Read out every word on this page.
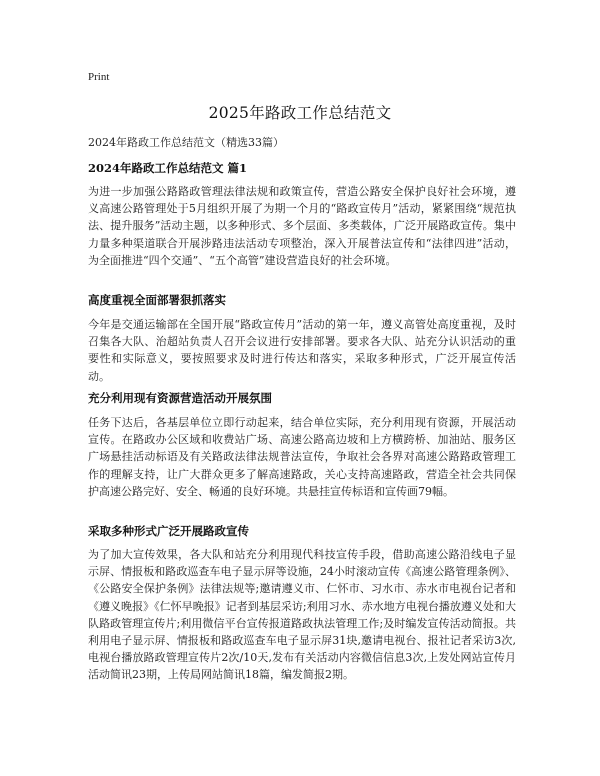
Print
2025年路政工作总结范文
2024年路政工作总结范文（精选33篇）
2024年路政工作总结范文 篇1
为进一步加强公路路政管理法律法规和政策宣传，营造公路安全保护良好社会环境，遵义高速公路管理处于5月组织开展了为期一个月的“路政宣传月”活动，紧紧围绕“规范执法、提升服务”活动主题，以多种形式、多个层面、多类载体，广泛开展路政宣传。集中力量多种渠道联合开展涉路违法活动专项整治，深入开展普法宣传和“法律四进”活动，为全面推进“四个交通”、“五个高管”建设营造良好的社会环境。
高度重视全面部署狠抓落实
今年是交通运输部在全国开展“路政宣传月”活动的第一年，遵义高管处高度重视，及时召集各大队、治超站负责人召开会议进行安排部署。要求各大队、站充分认识活动的重要性和实际意义，要按照要求及时进行传达和落实，采取多种形式，广泛开展宣传活动。
充分利用现有资源营造活动开展氛围
任务下达后，各基层单位立即行动起来，结合单位实际，充分利用现有资源，开展活动宣传。在路政办公区域和收费站广场、高速公路高边坡和上方横跨桥、加油站、服务区广场悬挂活动标语及有关路政法律法规普法宣传，争取社会各界对高速公路路政管理工作的理解支持，让广大群众更多了解高速路政，关心支持高速路政，营造全社会共同保护高速公路完好、安全、畅通的良好环境。共悬挂宣传标语和宣传画79幅。
采取多种形式广泛开展路政宣传
为了加大宣传效果，各大队和站充分利用现代科技宣传手段，借助高速公路沿线电子显示屏、情报板和路政巡查车电子显示屏等设施，24小时滚动宣传《高速公路管理条例》、《公路安全保护条例》法律法规等;邀请遵义市、仁怀市、习水市、赤水市电视台记者和《遵义晚报》《仁怀早晚报》记者到基层采访;利用习水、赤水地方电视台播放遵义处和大队路政管理宣传片;利用微信平台宣传报道路政执法管理工作;及时编发宣传活动简报。共利用电子显示屏、情报板和路政巡查车电子显示屏31块,邀请电视台、报社记者采访3次,电视台播放路政管理宣传片2次/10天,发布有关活动内容微信信息3次,上发处网站宣传月活动简讯23期，上传局网站简讯18篇，编发简报2期。
